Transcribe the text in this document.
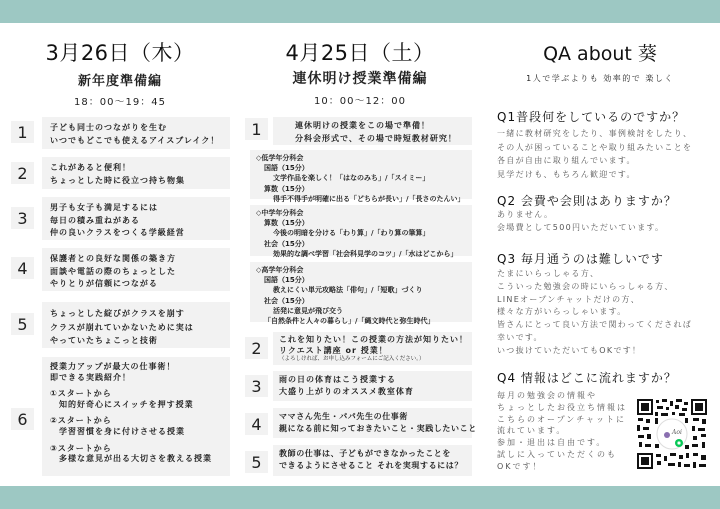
3月26日（木）
新年度準備編
18：00〜19：45
1	子ども同士のつながりを生む
いつでもどこでも使えるアイスブレイク！
2	これがあると便利！
ちょっとした時に役立つ持ち物集
3
男子も女子も満足するには
毎日の積み重ねがある
仲の良いクラスをつくる学級経営
4	保護者との良好な関係の築き方
面談や電話の際のちょっとした
やりとりが信頼につながる
5
ちょっとした綻びがクラスを崩す
クラスが崩れていかないために実は
やっていたちょこっと技術
6
授業力アップが最大の仕事術！
即できる実践紹介！
①スタートから
　知的好奇心にスイッチを押す授業
②スタートから
　学習習慣を身に付けさせる授業
③スタートから
　多様な意見が出る大切さを教える授業
4月25日（土）
連休明け授業準備編
10：00〜12：00
1	連休明けの授業をこの場で準備！
分科会形式で、その場で時短教材研究！
◇低学年分科会
国語（15分）
文学作品を楽しく！「はなのみち」/「スイミー」
算数（15分）
得手不得手が明確に出る「どちらが長い」/「長さのたんい」
◇中学年分科会
算数（15分）
今後の明暗を分ける「わり算」/「わり算の筆算」
社会（15分）
効果的な調べ学習「社会科見学のコツ」/「水はどこから」
◇高学年分科会
国語（15分）
教えにくい単元攻略法「俳句」/「短歌」づくり
社会（15分）
活発に意見が飛び交う
「自然条件と人々の暮らし」/「縄文時代と弥生時代」
2	これを知りたい！この授業の方法が知りたい！
リクエスト講座 or 授業！
（よろしければ、お申し込みフォームにご記入ください。）
3	雨の日の体育はこう授業する
大盛り上がりのオススメ教室体育
4	ママさん先生・パパ先生の仕事術
親になる前に知っておきたいこと・実践したいこと
5	教師の仕事は、子どもができなかったことを
できるようにさせること それを実現するには？
QA about 葵
1人で学ぶよりも 効率的で 楽しく
Q1普段何をしているのですか？
一緒に教材研究をしたり、事例検討をしたり、
その人が困っていることや取り組みたいことを
各自が自由に取り組んでいます。
見学だけも、もちろん歓迎です。
Q2 会費や会則はありますか？
ありません。
会場費として500円いただいています。
Q3 毎月通うのは難しいです
たまにいらっしゃる方、
こういった勉強会の時にいらっしゃる方、
LINEオープンチャットだけの方、
様々な方がいらっしゃいます。
皆さんにとって良い方法で関わってくだされば
幸いです。
いつ抜けていただいてもOKです！
Q4 情報はどこに流れますか？
毎月の勉強会の情報や
ちょっとしたお役立ち情報は
こちらのオープンチャットに
流れています。
参加・退出は自由です。
試しに入っていただくのも
OKです！
Aoi
